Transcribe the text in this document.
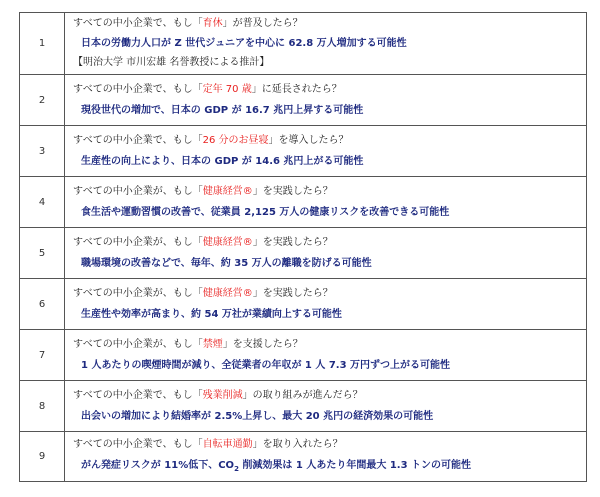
1	すべての中小企業で、もし「育休」が普及したら？
日本の労働力人口が Z 世代ジュニアを中心に 62.8 万人増加する可能性
【明治大学 市川宏雄 名誉教授による推計】

2	すべての中小企業で、もし「定年 70 歳」に延長されたら？
現役世代の増加で、日本の GDP が 16.7 兆円上昇する可能性

3	すべての中小企業で、もし「26 分のお昼寝」を導入したら？
生産性の向上により、日本の GDP が 14.6 兆円上がる可能性

4	すべての中小企業が、もし「健康経営®」を実践したら？
食生活や運動習慣の改善で、従業員 2,125 万人の健康リスクを改善できる可能性

5	すべての中小企業が、もし「健康経営®」を実践したら？
職場環境の改善などで、毎年、約 35 万人の離職を防げる可能性

6	すべての中小企業が、もし「健康経営®」を実践したら？
生産性や効率が高まり、約 54 万社が業績向上する可能性

7	すべての中小企業が、もし「禁煙」を支援したら？
1 人あたりの喫煙時間が減り、全従業者の年収が 1 人 7.3 万円ずつ上がる可能性

8	すべての中小企業で、もし「残業削減」の取り組みが進んだら？
出会いの増加により結婚率が 2.5%上昇し、最大 20 兆円の経済効果の可能性

9	すべての中小企業で、もし「自転車通勤」を取り入れたら？
がん発症リスクが 11%低下、$CO_2$ 削減効果は 1 人あたり年間最大 1.3 トンの可能性
